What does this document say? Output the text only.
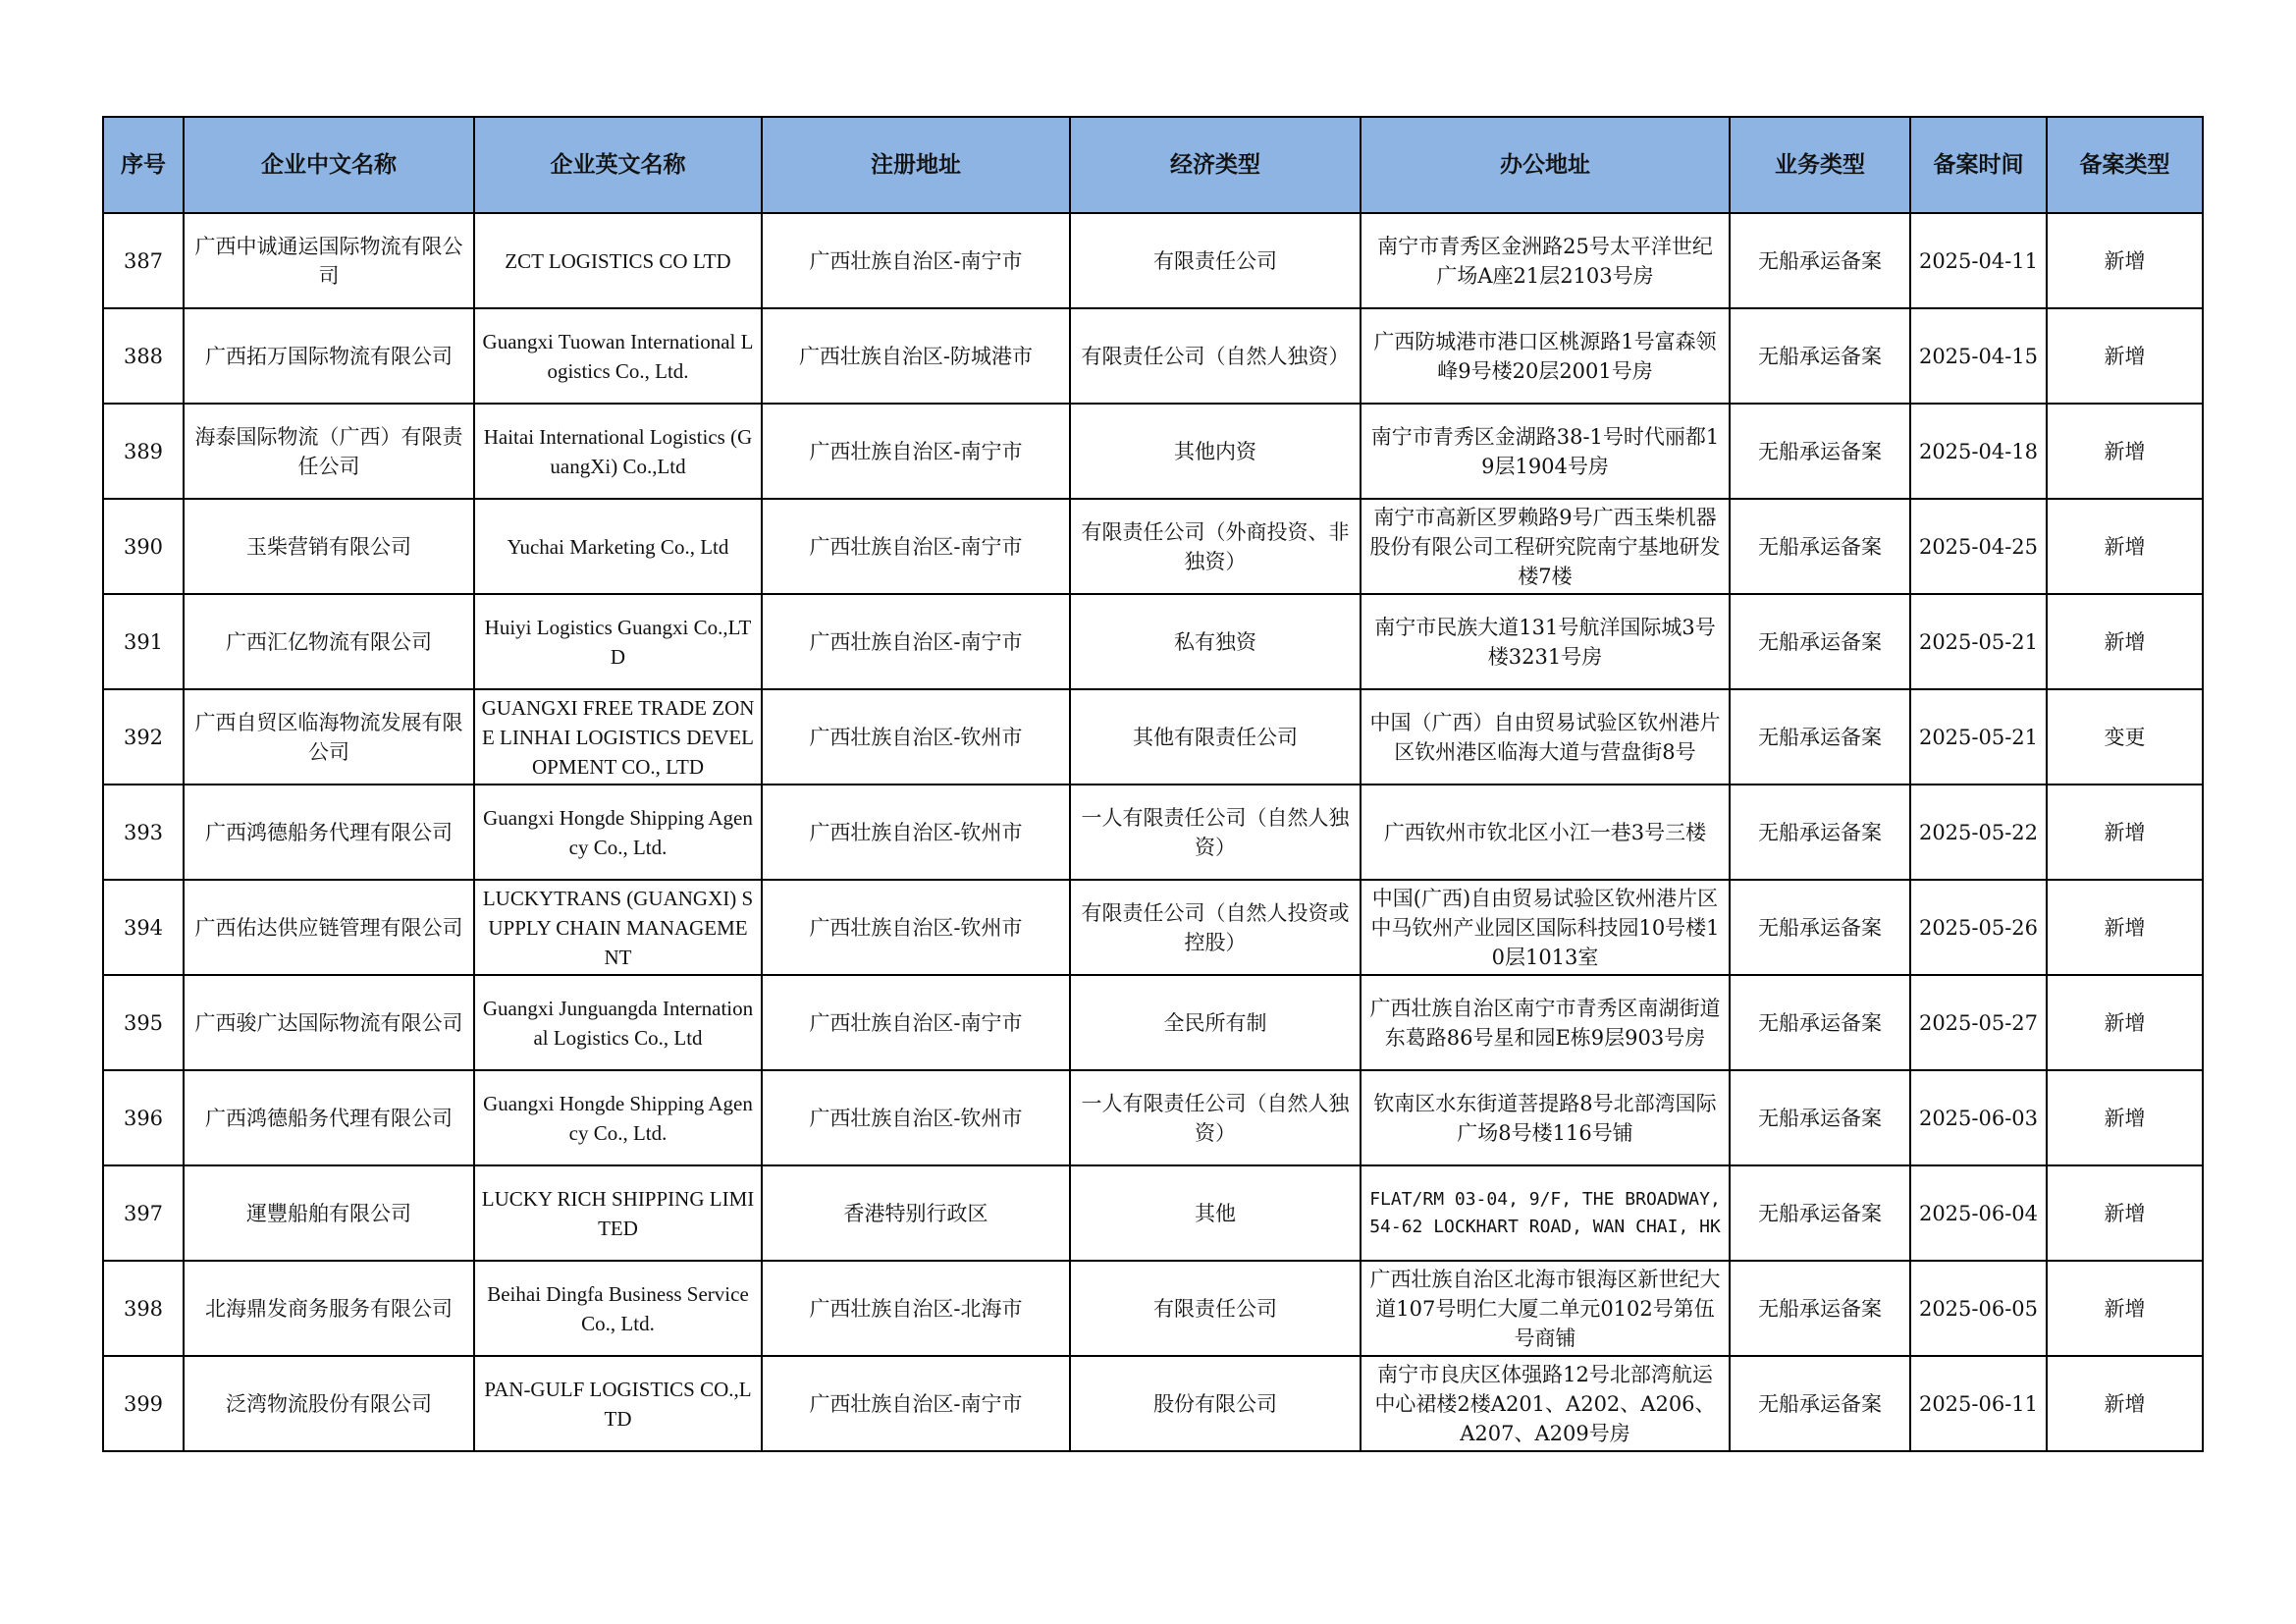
序号	企业中文名称	企业英文名称	注册地址	经济类型	办公地址	业务类型	备案时间	备案类型
387	广西中诚通运国际物流有限公司	ZCT LOGISTICS CO LTD	广西壮族自治区-南宁市	有限责任公司	南宁市青秀区金洲路25号太平洋世纪广场A座21层2103号房	无船承运备案	2025-04-11	新增
388	广西拓万国际物流有限公司	Guangxi Tuowan International Logistics Co., Ltd.	广西壮族自治区-防城港市	有限责任公司（自然人独资）	广西防城港市港口区桃源路1号富森领峰9号楼20层2001号房	无船承运备案	2025-04-15	新增
389	海泰国际物流（广西）有限责任公司	Haitai International Logistics (GuangXi) Co.,Ltd	广西壮族自治区-南宁市	其他内资	南宁市青秀区金湖路38-1号时代丽都19层1904号房	无船承运备案	2025-04-18	新增
390	玉柴营销有限公司	Yuchai Marketing Co., Ltd	广西壮族自治区-南宁市	有限责任公司（外商投资、非独资）	南宁市高新区罗赖路9号广西玉柴机器股份有限公司工程研究院南宁基地研发楼7楼	无船承运备案	2025-04-25	新增
391	广西汇亿物流有限公司	Huiyi Logistics Guangxi Co.,LTD	广西壮族自治区-南宁市	私有独资	南宁市民族大道131号航洋国际城3号楼3231号房	无船承运备案	2025-05-21	新增
392	广西自贸区临海物流发展有限公司	GUANGXI FREE TRADE ZONE LINHAI LOGISTICS DEVELOPMENT CO., LTD	广西壮族自治区-钦州市	其他有限责任公司	中国（广西）自由贸易试验区钦州港片区钦州港区临海大道与营盘街8号	无船承运备案	2025-05-21	变更
393	广西鸿德船务代理有限公司	Guangxi Hongde Shipping Agency Co., Ltd.	广西壮族自治区-钦州市	一人有限责任公司（自然人独资）	广西钦州市钦北区小江一巷3号三楼	无船承运备案	2025-05-22	新增
394	广西佑达供应链管理有限公司	LUCKYTRANS (GUANGXI) SUPPLY CHAIN MANAGEMENT	广西壮族自治区-钦州市	有限责任公司（自然人投资或控股）	中国(广西)自由贸易试验区钦州港片区中马钦州产业园区国际科技园10号楼10层1013室	无船承运备案	2025-05-26	新增
395	广西骏广达国际物流有限公司	Guangxi Junguangda International Logistics Co., Ltd	广西壮族自治区-南宁市	全民所有制	广西壮族自治区南宁市青秀区南湖街道东葛路86号星和园E栋9层903号房	无船承运备案	2025-05-27	新增
396	广西鸿德船务代理有限公司	Guangxi Hongde Shipping Agency Co., Ltd.	广西壮族自治区-钦州市	一人有限责任公司（自然人独资）	钦南区水东街道菩提路8号北部湾国际广场8号楼116号铺	无船承运备案	2025-06-03	新增
397	運豐船舶有限公司	LUCKY RICH SHIPPING LIMITED	香港特别行政区	其他	FLAT/RM 03-04, 9/F, THE BROADWAY, 54-62 LOCKHART ROAD, WAN CHAI, HK	无船承运备案	2025-06-04	新增
398	北海鼎发商务服务有限公司	Beihai Dingfa Business Service Co., Ltd.	广西壮族自治区-北海市	有限责任公司	广西壮族自治区北海市银海区新世纪大道107号明仁大厦二单元0102号第伍号商铺	无船承运备案	2025-06-05	新增
399	泛湾物流股份有限公司	PAN-GULF LOGISTICS CO.,LTD	广西壮族自治区-南宁市	股份有限公司	南宁市良庆区体强路12号北部湾航运中心裙楼2楼A201、A202、A206、A207、A209号房	无船承运备案	2025-06-11	新增
